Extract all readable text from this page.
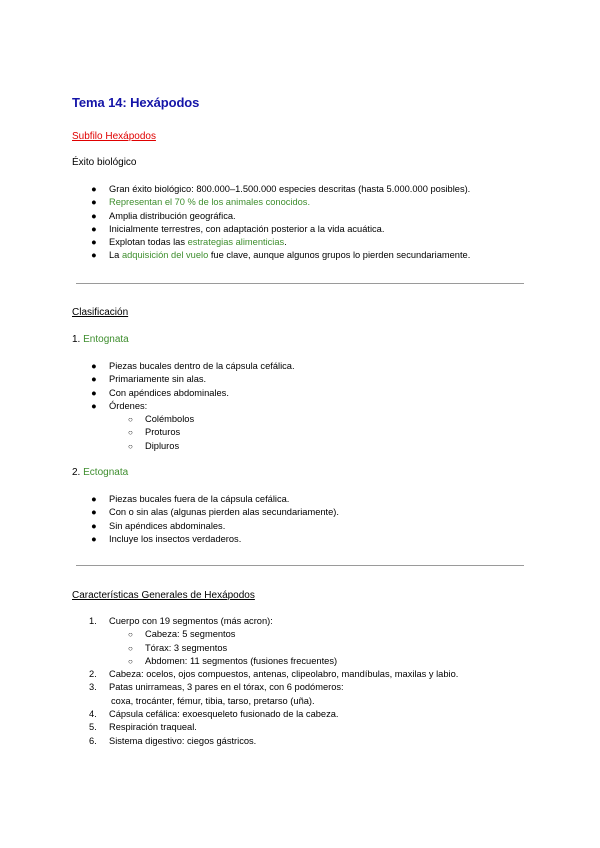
Tema 14: Hexápodos

Subfilo Hexápodos

Éxito biológico

● Gran éxito biológico: 800.000–1.500.000 especies descritas (hasta 5.000.000 posibles).
● Representan el 70 % de los animales conocidos.
● Amplia distribución geográfica.
● Inicialmente terrestres, con adaptación posterior a la vida acuática.
● Explotan todas las estrategias alimenticias.
● La adquisición del vuelo fue clave, aunque algunos grupos lo pierden secundariamente.

Clasificación

1. Entognata

● Piezas bucales dentro de la cápsula cefálica.
● Primariamente sin alas.
● Con apéndices abdominales.
● Órdenes:
○ Colémbolos
○ Proturos
○ Dipluros

2. Ectognata

● Piezas bucales fuera de la cápsula cefálica.
● Con o sin alas (algunas pierden alas secundariamente).
● Sin apéndices abdominales.
● Incluye los insectos verdaderos.

Características Generales de Hexápodos

1. Cuerpo con 19 segmentos (más acron):
○ Cabeza: 5 segmentos
○ Tórax: 3 segmentos
○ Abdomen: 11 segmentos (fusiones frecuentes)
2. Cabeza: ocelos, ojos compuestos, antenas, clipeolabro, mandíbulas, maxilas y labio.
3. Patas unirrameas, 3 pares en el tórax, con 6 podómeros:
coxa, trocánter, fémur, tibia, tarso, pretarso (uña).
4. Cápsula cefálica: exoesqueleto fusionado de la cabeza.
5. Respiración traqueal.
6. Sistema digestivo: ciegos gástricos.
